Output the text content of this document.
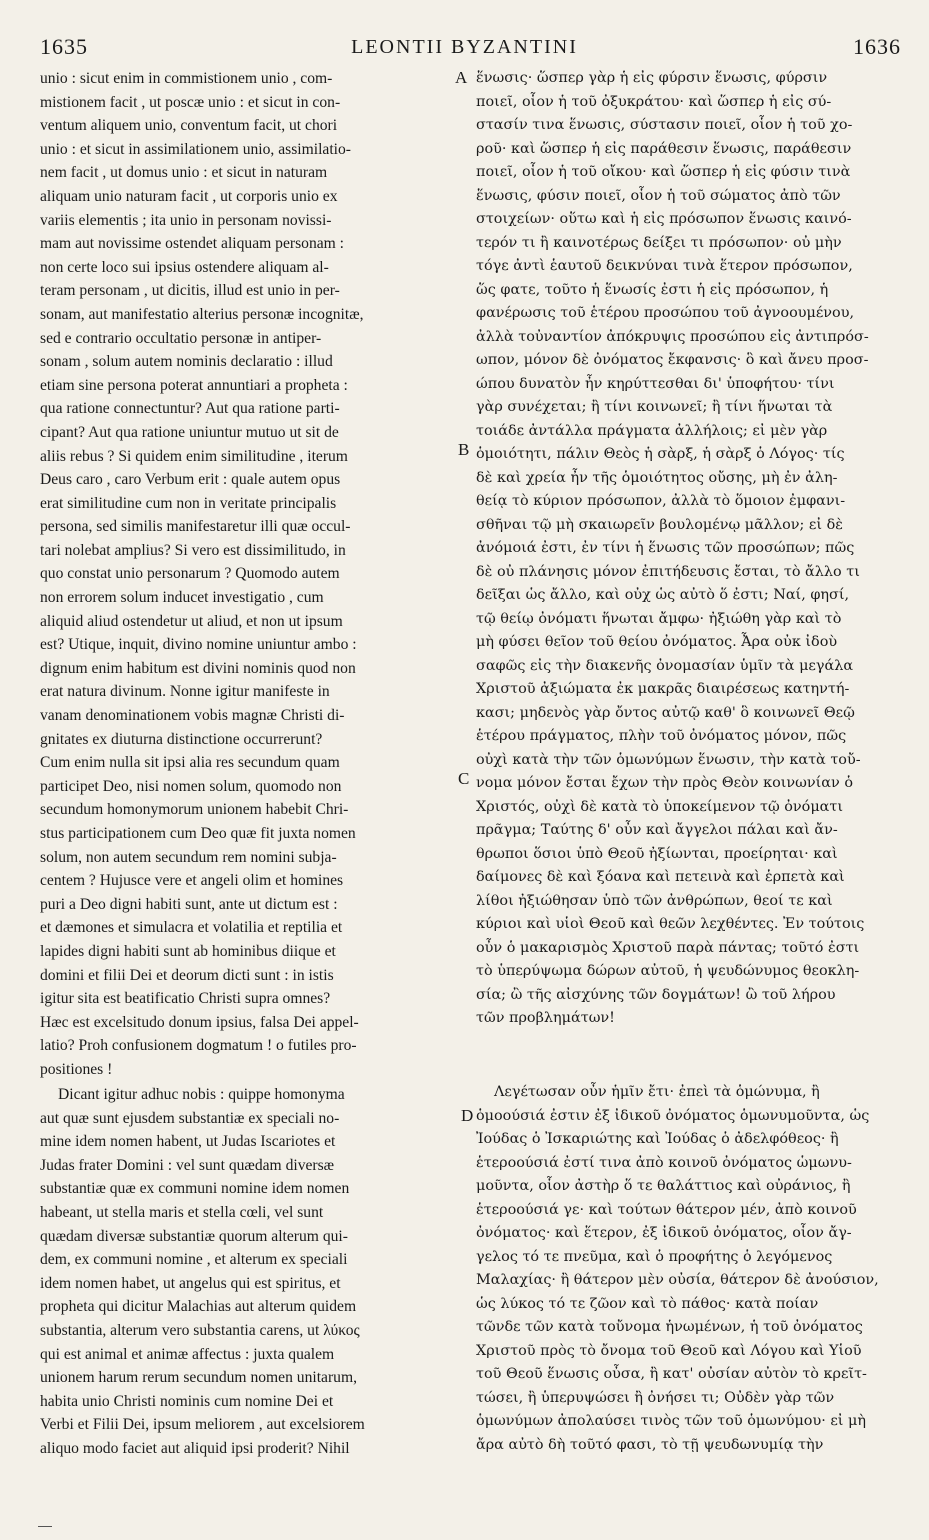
1635	LEONTII BYZANTINI	1636
A
B
C
D
unio : sicut enim in commistionem unio , com-
mistionem facit , ut poscæ unio : et sicut in con-
ventum aliquem unio, conventum facit, ut chori
unio : et sicut in assimilationem unio, assimilatio-
nem facit , ut domus unio : et sicut in naturam
aliquam unio naturam facit , ut corporis unio ex
variis elementis ; ita unio in personam novissi-
mam aut novissime ostendet aliquam personam :
non certe loco sui ipsius ostendere aliquam al-
teram personam , ut dicitis, illud est unio in per-
sonam, aut manifestatio alterius personæ incognitæ,
sed e contrario occultatio personæ in antiper-
sonam , solum autem nominis declaratio : illud
etiam sine persona poterat annuntiari a propheta :
qua ratione connectuntur? Aut qua ratione parti-
cipant? Aut qua ratione uniuntur mutuo ut sit de
aliis rebus ? Si quidem enim similitudine , iterum
Deus caro , caro Verbum erit : quale autem opus
erat similitudine cum non in veritate principalis
persona, sed similis manifestaretur illi quæ occul-
tari nolebat amplius? Si vero est dissimilitudo, in
quo constat unio personarum ? Quomodo autem
non errorem solum inducet investigatio , cum
aliquid aliud ostendetur ut aliud, et non ut ipsum
est? Utique, inquit, divino nomine uniuntur ambo :
dignum enim habitum est divini nominis quod non
erat natura divinum. Nonne igitur manifeste in
vanam denominationem vobis magnæ Christi di-
gnitates ex diuturna distinctione occurrerunt?
Cum enim nulla sit ipsi alia res secundum quam
participet Deo, nisi nomen solum, quomodo non
secundum homonymorum unionem habebit Chri-
stus participationem cum Deo quæ fit juxta nomen
solum, non autem secundum rem nomini subja-
centem ? Hujusce vere et angeli olim et homines
puri a Deo digni habiti sunt, ante ut dictum est :
et dæmones et simulacra et volatilia et reptilia et
lapides digni habiti sunt ab hominibus diique et
domini et filii Dei et deorum dicti sunt : in istis
igitur sita est beatificatio Christi supra omnes?
Hæc est excelsitudo donum ipsius, falsa Dei appel-
latio? Proh confusionem dogmatum ! o futiles pro-
positiones !
Dicant igitur adhuc nobis : quippe homonyma
aut quæ sunt ejusdem substantiæ ex speciali no-
mine idem nomen habent, ut Judas Iscariotes et
Judas frater Domini : vel sunt quædam diversæ
substantiæ quæ ex communi nomine idem nomen
habeant, ut stella maris et stella cœli, vel sunt
quædam diversæ substantiæ quorum alterum qui-
dem, ex communi nomine , et alterum ex speciali
idem nomen habet, ut angelus qui est spiritus, et
propheta qui dicitur Malachias aut alterum quidem
substantia, alterum vero substantia carens, ut λύκος
qui est animal et animæ affectus : juxta qualem
unionem harum rerum secundum nomen unitarum,
habita unio Christi nominis cum nomine Dei et
Verbi et Filii Dei, ipsum meliorem , aut excelsiorem
aliquo modo faciet aut aliquid ipsi proderit? Nihil
ἕνωσις· ὥσπερ γὰρ ἡ εἰς φύρσιν ἕνωσις, φύρσιν
ποιεῖ, οἷον ἡ τοῦ ὀξυκράτου· καὶ ὥσπερ ἡ εἰς σύ-
στασίν τινα ἕνωσις, σύστασιν ποιεῖ, οἷον ἡ τοῦ χο-
ροῦ· καὶ ὥσπερ ἡ εἰς παράθεσιν ἕνωσις, παράθεσιν
ποιεῖ, οἷον ἡ τοῦ οἴκου· καὶ ὥσπερ ἡ εἰς φύσιν τινὰ
ἕνωσις, φύσιν ποιεῖ, οἷον ἡ τοῦ σώματος ἀπὸ τῶν
στοιχείων· οὕτω καὶ ἡ εἰς πρόσωπον ἕνωσις καινό-
τερόν τι ἢ καινοτέρως δείξει τι πρόσωπον· οὐ μὴν
τόγε ἀντὶ ἑαυτοῦ δεικνύναι τινὰ ἕτερον πρόσωπον,
ὥς φατε, τοῦτο ἡ ἕνωσίς ἐστι ἡ εἰς πρόσωπον, ἡ
φανέρωσις τοῦ ἑτέρου προσώπου τοῦ ἀγνοουμένου,
ἀλλὰ τοὐναντίον ἀπόκρυψις προσώπου εἰς ἀντιπρόσ-
ωπον, μόνον δὲ ὀνόματος ἔκφανσις· ὃ καὶ ἄνευ προσ-
ώπου δυνατὸν ἦν κηρύττεσθαι δι' ὑποφήτου· τίνι
γὰρ συνέχεται; ἢ τίνι κοινωνεῖ; ἢ τίνι ἥνωται τὰ
τοιάδε ἀντάλλα πράγματα ἀλλήλοις; εἰ μὲν γὰρ
ὁμοιότητι, πάλιν Θεὸς ἡ σὰρξ, ἡ σὰρξ ὁ Λόγος· τίς
δὲ καὶ χρεία ἦν τῆς ὁμοιότητος οὔσης, μὴ ἐν ἀλη-
θείᾳ τὸ κύριον πρόσωπον, ἀλλὰ τὸ ὅμοιον ἐμφανι-
σθῆναι τῷ μὴ σκαιωρεῖν βουλομένῳ μᾶλλον; εἰ δὲ
ἀνόμοιά ἐστι, ἐν τίνι ἡ ἕνωσις τῶν προσώπων; πῶς
δὲ οὐ πλάνησις μόνον ἐπιτήδευσις ἔσται, τὸ ἄλλο τι
δεῖξαι ὡς ἄλλο, καὶ οὐχ ὡς αὐτὸ ὅ ἐστι; Ναί, φησί,
τῷ θείῳ ὀνόματι ἥνωται ἄμφω· ἠξιώθη γὰρ καὶ τὸ
μὴ φύσει θεῖον τοῦ θείου ὀνόματος. Ἆρα οὐκ ἰδοὺ
σαφῶς εἰς τὴν διακενῆς ὀνομασίαν ὑμῖν τὰ μεγάλα
Χριστοῦ ἀξιώματα ἐκ μακρᾶς διαιρέσεως κατηντή-
κασι; μηδενὸς γὰρ ὄντος αὐτῷ καθ' ὃ κοινωνεῖ Θεῷ
ἑτέρου πράγματος, πλὴν τοῦ ὀνόματος μόνον, πῶς
οὐχὶ κατὰ τὴν τῶν ὁμωνύμων ἕνωσιν, τὴν κατὰ τοὔ-
νομα μόνον ἔσται ἔχων τὴν πρὸς Θεὸν κοινωνίαν ὁ
Χριστός, οὐχὶ δὲ κατὰ τὸ ὑποκείμενον τῷ ὀνόματι
πρᾶγμα; Ταύτης δ' οὖν καὶ ἄγγελοι πάλαι καὶ ἄν-
θρωποι ὅσιοι ὑπὸ Θεοῦ ἠξίωνται, προείρηται· καὶ
δαίμονες δὲ καὶ ξόανα καὶ πετεινὰ καὶ ἑρπετὰ καὶ
λίθοι ἠξιώθησαν ὑπὸ τῶν ἀνθρώπων, θεοί τε καὶ
κύριοι καὶ υἱοὶ Θεοῦ καὶ θεῶν λεχθέντες. Ἐν τούτοις
οὖν ὁ μακαρισμὸς Χριστοῦ παρὰ πάντας; τοῦτό ἐστι
τὸ ὑπερύψωμα δώρων αὐτοῦ, ἡ ψευδώνυμος θεοκλη-
σία; ὢ τῆς αἰσχύνης τῶν δογμάτων! ὢ τοῦ λήρου
τῶν προβλημάτων!
Λεγέτωσαν οὖν ἡμῖν ἔτι· ἐπεὶ τὰ ὁμώνυμα, ἢ
ὁμοούσιά ἐστιν ἐξ ἰδικοῦ ὀνόματος ὁμωνυμοῦντα, ὡς
Ἰούδας ὁ Ἰσκαριώτης καὶ Ἰούδας ὁ ἀδελφόθεος· ἢ
ἑτεροούσιά ἐστί τινα ἀπὸ κοινοῦ ὀνόματος ὡμωνυ-
μοῦντα, οἷον ἀστὴρ ὅ τε θαλάττιος καὶ οὐράνιος, ἢ
ἑτεροούσιά γε· καὶ τούτων θάτερον μέν, ἀπὸ κοινοῦ
ὀνόματος· καὶ ἕτερον, ἐξ ἰδικοῦ ὀνόματος, οἷον ἄγ-
γελος τό τε πνεῦμα, καὶ ὁ προφήτης ὁ λεγόμενος
Μαλαχίας· ἢ θάτερον μὲν οὐσία, θάτερον δὲ ἀνούσιον,
ὡς λύκος τό τε ζῶον καὶ τὸ πάθος· κατὰ ποίαν
τῶνδε τῶν κατὰ τοὔνομα ἡνωμένων, ἡ τοῦ ὀνόματος
Χριστοῦ πρὸς τὸ ὄνομα τοῦ Θεοῦ καὶ Λόγου καὶ Υἱοῦ
τοῦ Θεοῦ ἕνωσις οὖσα, ἢ κατ' οὐσίαν αὐτὸν τὸ κρεῖτ-
τώσει, ἢ ὑπερυψώσει ἢ ὀνήσει τι; Οὐδὲν γὰρ τῶν
ὁμωνύμων ἀπολαύσει τινὸς τῶν τοῦ ὁμωνύμου· εἰ μὴ
ἄρα αὐτὸ δὴ τοῦτό φασι, τὸ τῇ ψευδωνυμίᾳ τὴν
